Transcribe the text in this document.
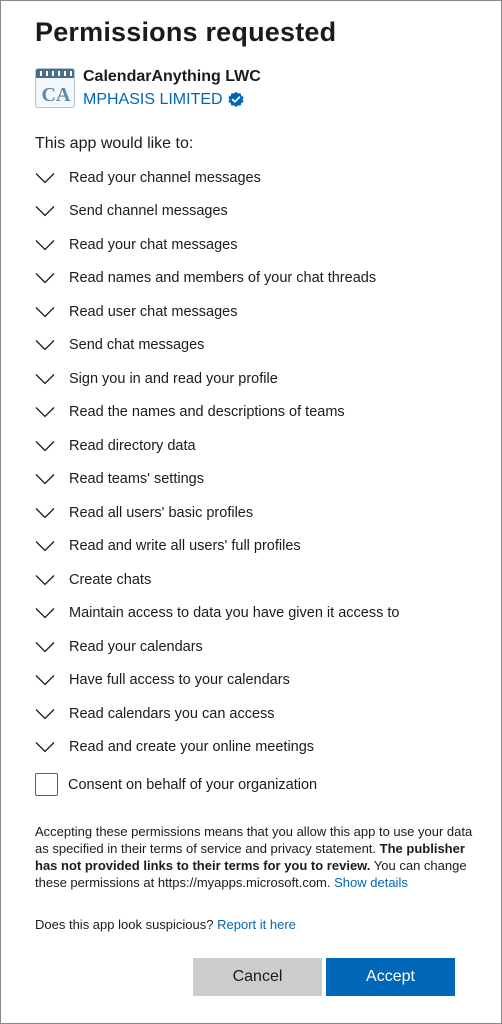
Permissions requested
CA
CalendarAnything LWC
MPHASIS LIMITED
This app would like to:
Read your channel messages
Send channel messages
Read your chat messages
Read names and members of your chat threads
Read user chat messages
Send chat messages
Sign you in and read your profile
Read the names and descriptions of teams
Read directory data
Read teams' settings
Read all users' basic profiles
Read and write all users' full profiles
Create chats
Maintain access to data you have given it access to
Read your calendars
Have full access to your calendars
Read calendars you can access
Read and create your online meetings
Consent on behalf of your organization

Accepting these permissions means that you allow this app to use your data as specified in their terms of service and privacy statement. The publisher has not provided links to their terms for you to review. You can change these permissions at https://myapps.microsoft.com. Show details

Does this app look suspicious? Report it here
Cancel	Accept
